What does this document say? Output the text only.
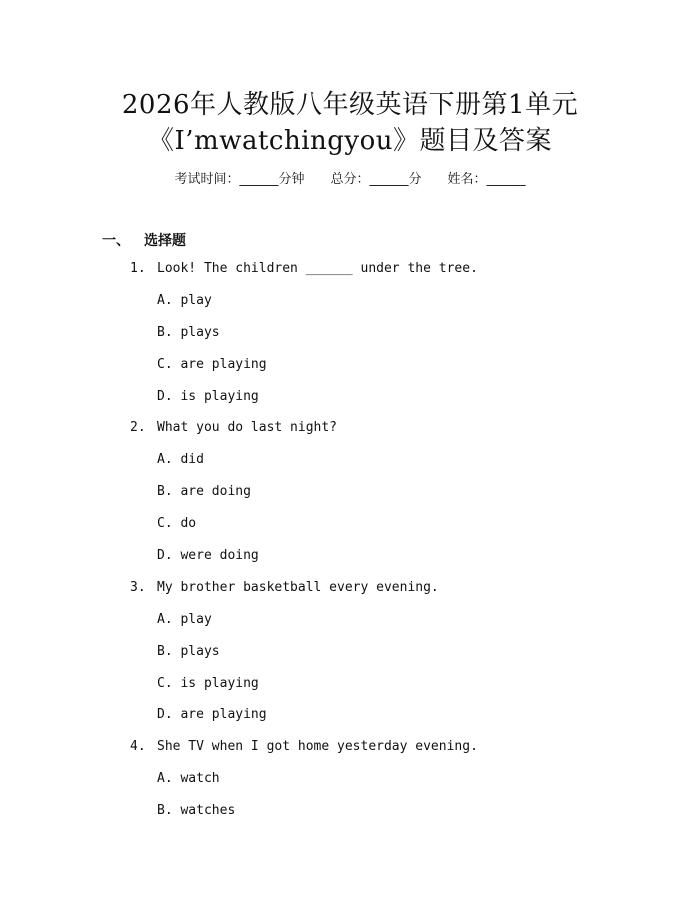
2026年人教版八年级英语下册第1单元
《I’mwatchingyou》题目及答案
考试时间：______分钟 总分：______分 姓名：______
一、 选择题
1. Look! The children ______ under the tree.
A. play
B. plays
C. are playing
D. is playing
2. What you do last night?
A. did
B. are doing
C. do
D. were doing
3. My brother basketball every evening.
A. play
B. plays
C. is playing
D. are playing
4. She TV when I got home yesterday evening.
A. watch
B. watches
